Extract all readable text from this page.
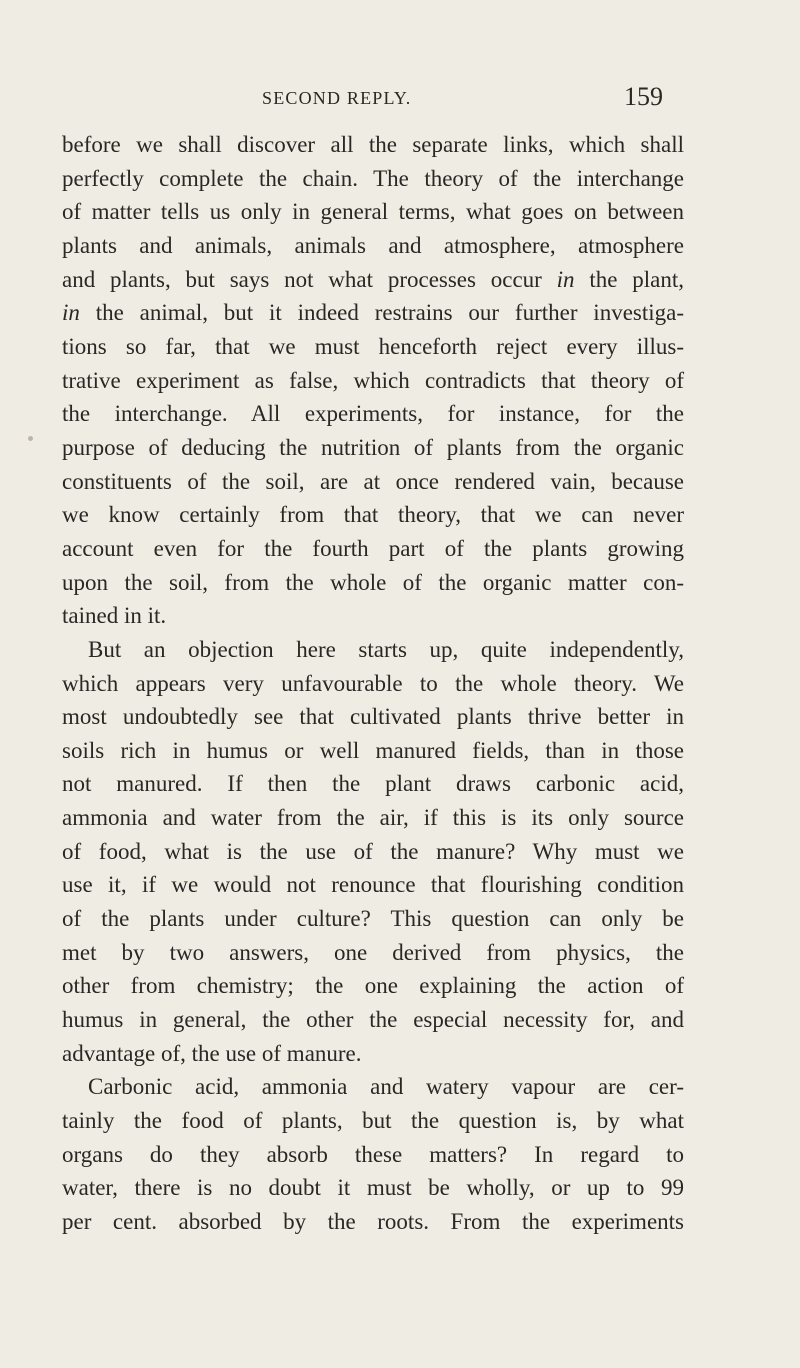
SECOND REPLY.	159
before we shall discover all the separate links, which shall
perfectly complete the chain. The theory of the interchange
of matter tells us only in general terms, what goes on between
plants and animals, animals and atmosphere, atmosphere
and plants, but says not what processes occur in the plant,
in the animal, but it indeed restrains our further investiga-
tions so far, that we must henceforth reject every illus-
trative experiment as false, which contradicts that theory of
the interchange. All experiments, for instance, for the
purpose of deducing the nutrition of plants from the organic
constituents of the soil, are at once rendered vain, because
we know certainly from that theory, that we can never
account even for the fourth part of the plants growing
upon the soil, from the whole of the organic matter con-
tained in it.
But an objection here starts up, quite independently,
which appears very unfavourable to the whole theory. We
most undoubtedly see that cultivated plants thrive better in
soils rich in humus or well manured fields, than in those
not manured. If then the plant draws carbonic acid,
ammonia and water from the air, if this is its only source
of food, what is the use of the manure? Why must we
use it, if we would not renounce that flourishing condition
of the plants under culture? This question can only be
met by two answers, one derived from physics, the
other from chemistry; the one explaining the action of
humus in general, the other the especial necessity for, and
advantage of, the use of manure.
Carbonic acid, ammonia and watery vapour are cer-
tainly the food of plants, but the question is, by what
organs do they absorb these matters? In regard to
water, there is no doubt it must be wholly, or up to 99
per cent. absorbed by the roots. From the experiments
